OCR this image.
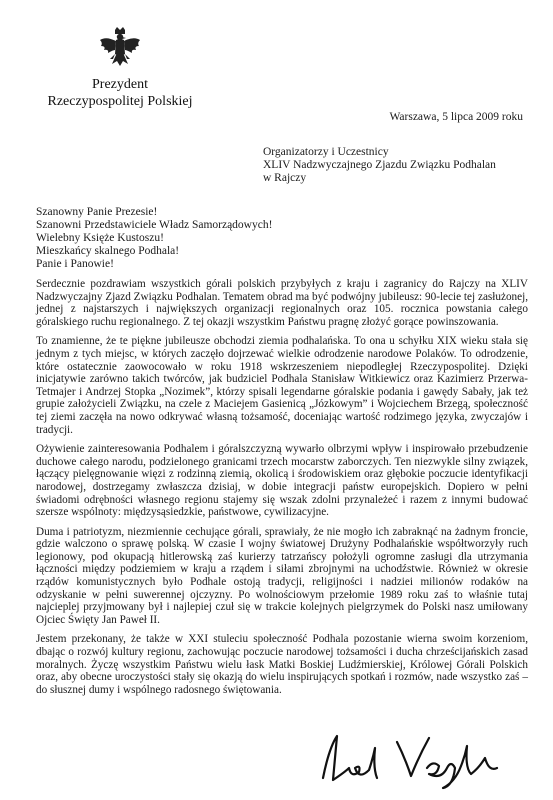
Prezydent
Rzeczypospolitej Polskiej
Warszawa, 5 lipca 2009 roku
Organizatorzy i Uczestnicy
XLIV Nadzwyczajnego Zjazdu Związku Podhalan
w Rajczy
Szanowny Panie Prezesie!
Szanowni Przedstawiciele Władz Samorządowych!
Wielebny Księże Kustoszu!
Mieszkańcy skalnego Podhala!
Panie i Panowie!

Serdecznie pozdrawiam wszystkich górali polskich przybyłych z kraju i zagranicy do Rajczy na XLIV Nadzwyczajny Zjazd Związku Podhalan. Tematem obrad ma być podwójny jubileusz: 90-lecie tej zasłużonej, jednej z najstarszych i największych organizacji regionalnych oraz 105. rocznica powstania całego góralskiego ruchu regionalnego. Z tej okazji wszystkim Państwu pragnę złożyć gorące powinszowania.

To znamienne, że te piękne jubileusze obchodzi ziemia podhalańska. To ona u schyłku XIX wieku stała się jednym z tych miejsc, w których zaczęło dojrzewać wielkie odrodzenie narodowe Polaków. To odrodzenie, które ostatecznie zaowocowało w roku 1918 wskrzeszeniem niepodległej Rzeczypospolitej. Dzięki inicjatywie zarówno takich twórców, jak budziciel Podhala Stanisław Witkiewicz oraz Kazimierz Przerwa-Tetmajer i Andrzej Stopka „Nozimek”, którzy spisali legendarne góralskie podania i gawędy Sabały, jak też grupie założycieli Związku, na czele z Maciejem Gasienicą „Józkowym” i Wojciechem Brzegą, społeczność tej ziemi zaczęła na nowo odkrywać własną tożsamość, doceniając wartość rodzimego języka, zwyczajów i tradycji.

Ożywienie zainteresowania Podhalem i góralszczyzną wywarło olbrzymi wpływ i inspirowało przebudzenie duchowe całego narodu, podzielonego granicami trzech mocarstw zaborczych. Ten niezwykle silny związek, łączący pielęgnowanie więzi z rodzinną ziemią, okolicą i środowiskiem oraz głębokie poczucie identyfikacji narodowej, dostrzegamy zwłaszcza dzisiaj, w dobie integracji państw europejskich. Dopiero w pełni świadomi odrębności własnego regionu stajemy się wszak zdolni przynależeć i razem z innymi budować szersze wspólnoty: międzysąsiedzkie, państwowe, cywilizacyjne.

Duma i patriotyzm, niezmiennie cechujące górali, sprawiały, że nie mogło ich zabraknąć na żadnym froncie, gdzie walczono o sprawę polską. W czasie I wojny światowej Drużyny Podhalańskie współtworzyły ruch legionowy, pod okupacją hitlerowską zaś kurierzy tatrzańscy położyli ogromne zasługi dla utrzymania łączności między podziemiem w kraju a rządem i siłami zbrojnymi na uchodźstwie. Również w okresie rządów komunistycznych było Podhale ostoją tradycji, religijności i nadziei milionów rodaków na odzyskanie w pełni suwerennej ojczyzny. Po wolnościowym przełomie 1989 roku zaś to właśnie tutaj najcieplej przyjmowany był i najlepiej czuł się w trakcie kolejnych pielgrzymek do Polski nasz umiłowany Ojciec Święty Jan Paweł II.

Jestem przekonany, że także w XXI stuleciu społeczność Podhala pozostanie wierna swoim korzeniom, dbając o rozwój kultury regionu, zachowując poczucie narodowej tożsamości i ducha chrześcijańskich zasad moralnych. Życzę wszystkim Państwu wielu łask Matki Boskiej Ludźmierskiej, Królowej Górali Polskich oraz, aby obecne uroczystości stały się okazją do wielu inspirujących spotkań i rozmów, nade wszystko zaś – do słusznej dumy i wspólnego radosnego świętowania.
